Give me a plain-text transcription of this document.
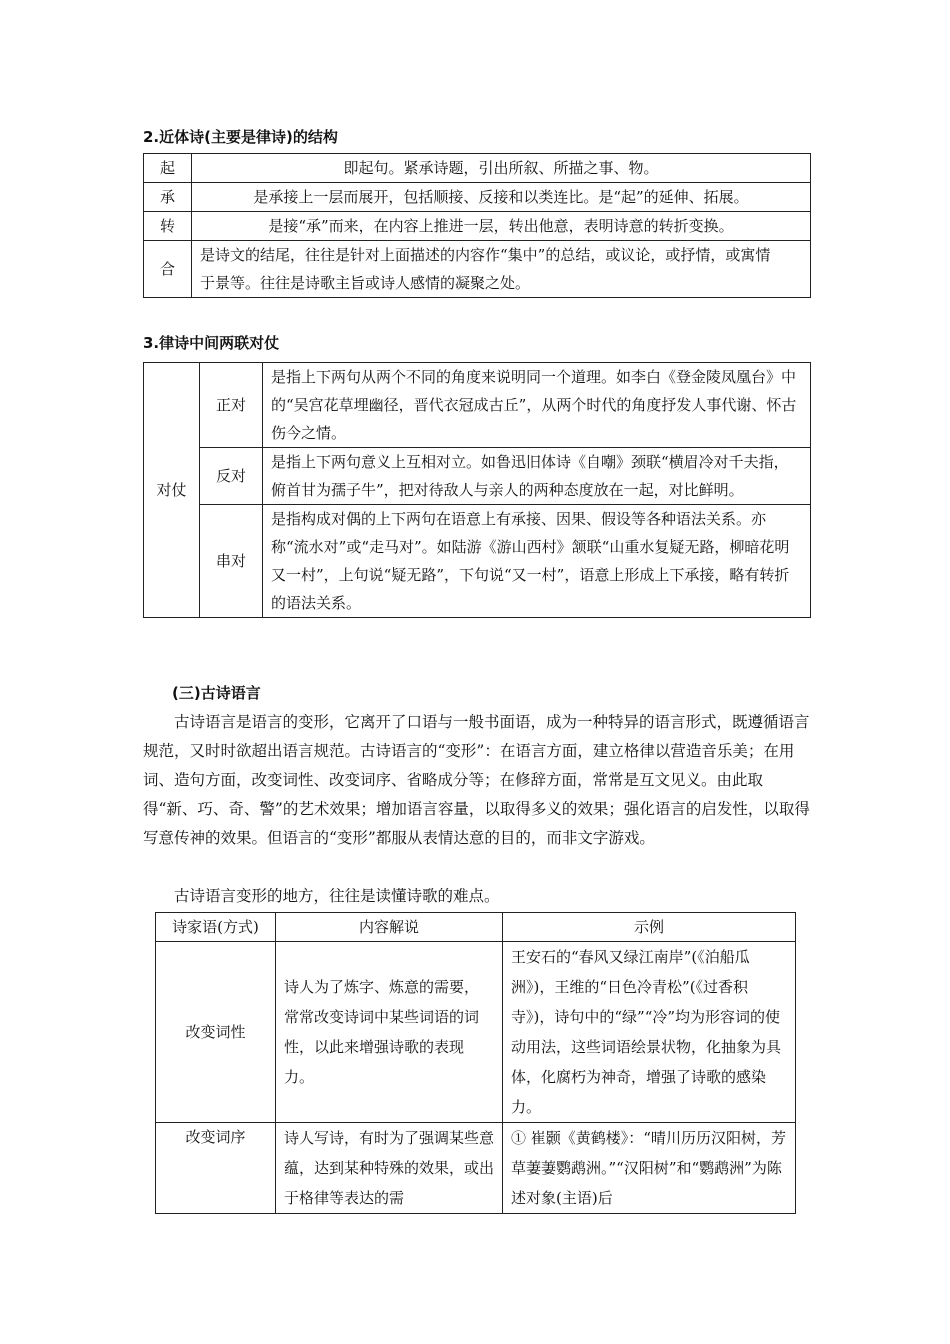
2.近体诗(主要是律诗)的结构
起	即起句。紧承诗题，引出所叙、所描之事、物。
承	是承接上一层而展开，包括顺接、反接和以类连比。是“起”的延伸、拓展。
转	是接“承”而来，在内容上推进一层，转出他意，表明诗意的转折变换。
合	是诗文的结尾，往往是针对上面描述的内容作“集中”的总结，或议论，或抒情，或寓情于景等。往往是诗歌主旨或诗人感情的凝聚之处。
3.律诗中间两联对仗
对仗	正对	是指上下两句从两个不同的角度来说明同一个道理。如李白《登金陵凤凰台》中的“吴宫花草埋幽径，晋代衣冠成古丘”，从两个时代的角度抒发人事代谢、怀古伤今之情。
	反对	是指上下两句意义上互相对立。如鲁迅旧体诗《自嘲》颈联“横眉冷对千夫指，俯首甘为孺子牛”，把对待敌人与亲人的两种态度放在一起，对比鲜明。
	串对	是指构成对偶的上下两句在语意上有承接、因果、假设等各种语法关系。亦称“流水对”或“走马对”。如陆游《游山西村》颔联“山重水复疑无路，柳暗花明又一村”，上句说“疑无路”，下句说“又一村”，语意上形成上下承接，略有转折的语法关系。
(三)古诗语言

古诗语言是语言的变形，它离开了口语与一般书面语，成为一种特异的语言形式，既遵循语言规范，又时时欲超出语言规范。古诗语言的“变形”：在语言方面，建立格律以营造音乐美；在用词、造句方面，改变词性、改变词序、省略成分等；在修辞方面，常常是互文见义。由此取得“新、巧、奇、警”的艺术效果；增加语言容量，以取得多义的效果；强化语言的启发性，以取得写意传神的效果。但语言的“变形”都服从表情达意的目的，而非文字游戏。

古诗语言变形的地方，往往是读懂诗歌的难点。

诗家语(方式)	内容解说	示例
改变词性	诗人为了炼字、炼意的需要，常常改变诗词中某些词语的词性，以此来增强诗歌的表现力。	王安石的“春风又绿江南岸”(《泊船瓜洲》)，王维的“日色冷青松”(《过香积寺》)，诗句中的“绿”“冷”均为形容词的使动用法，这些词语绘景状物，化抽象为具体，化腐朽为神奇，增强了诗歌的感染力。
改变词序	诗人写诗，有时为了强调某些意蕴，达到某种特殊的效果，或出于格律等表达的需	① 崔颢《黄鹤楼》：“晴川历历汉阳树，芳草萋萋鹦鹉洲。”“汉阳树”和“鹦鹉洲”为陈述对象(主语)后
